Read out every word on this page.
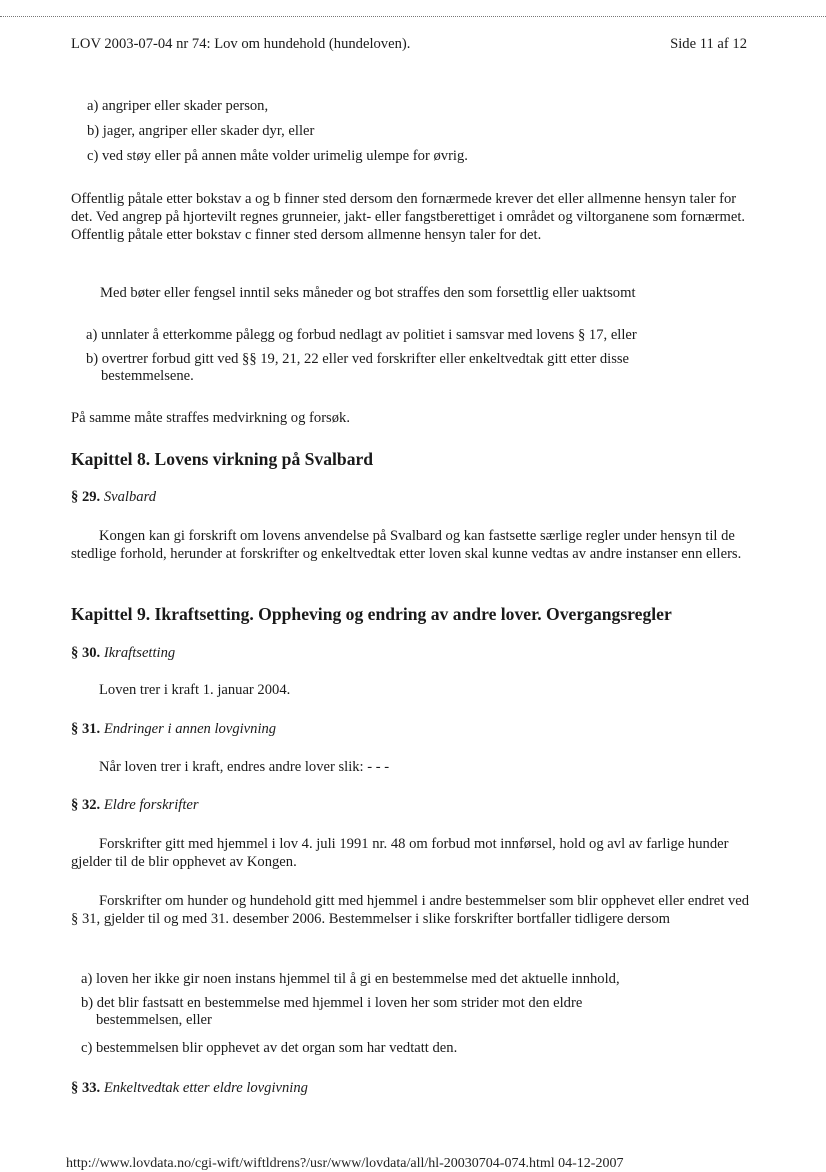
LOV 2003-07-04 nr 74: Lov om hundehold (hundeloven).	Side 11 af 12
a) angriper eller skader person,
b) jager, angriper eller skader dyr, eller
c) ved støy eller på annen måte volder urimelig ulempe for øvrig.
Offentlig påtale etter bokstav a og b finner sted dersom den fornærmede krever det eller allmenne hensyn taler for det. Ved angrep på hjortevilt regnes grunneier, jakt- eller fangstberettiget i området og viltorganene som fornærmet. Offentlig påtale etter bokstav c finner sted dersom allmenne hensyn taler for det.
Med bøter eller fengsel inntil seks måneder og bot straffes den som forsettlig eller uaktsomt
a) unnlater å etterkomme pålegg og forbud nedlagt av politiet i samsvar med lovens § 17, eller
b) overtrer forbud gitt ved §§ 19, 21, 22 eller ved forskrifter eller enkeltvedtak gitt etter disse
bestemmelsene.
På samme måte straffes medvirkning og forsøk.
Kapittel 8. Lovens virkning på Svalbard
§ 29. Svalbard
Kongen kan gi forskrift om lovens anvendelse på Svalbard og kan fastsette særlige regler under hensyn til de stedlige forhold, herunder at forskrifter og enkeltvedtak etter loven skal kunne vedtas av andre instanser enn ellers.
Kapittel 9. Ikraftsetting. Oppheving og endring av andre lover. Overgangsregler
§ 30. Ikraftsetting
Loven trer i kraft 1. januar 2004.
§ 31. Endringer i annen lovgivning
Når loven trer i kraft, endres andre lover slik: - - -
§ 32. Eldre forskrifter
Forskrifter gitt med hjemmel i lov 4. juli 1991 nr. 48 om forbud mot innførsel, hold og avl av farlige hunder gjelder til de blir opphevet av Kongen.
Forskrifter om hunder og hundehold gitt med hjemmel i andre bestemmelser som blir opphevet eller endret ved § 31, gjelder til og med 31. desember 2006. Bestemmelser i slike forskrifter bortfaller tidligere dersom
a) loven her ikke gir noen instans hjemmel til å gi en bestemmelse med det aktuelle innhold,
b) det blir fastsatt en bestemmelse med hjemmel i loven her som strider mot den eldre
bestemmelsen, eller
c) bestemmelsen blir opphevet av det organ som har vedtatt den.
§ 33. Enkeltvedtak etter eldre lovgivning
http://www.lovdata.no/cgi-wift/wiftldrens?/usr/www/lovdata/all/hl-20030704-074.html 04-12-2007
